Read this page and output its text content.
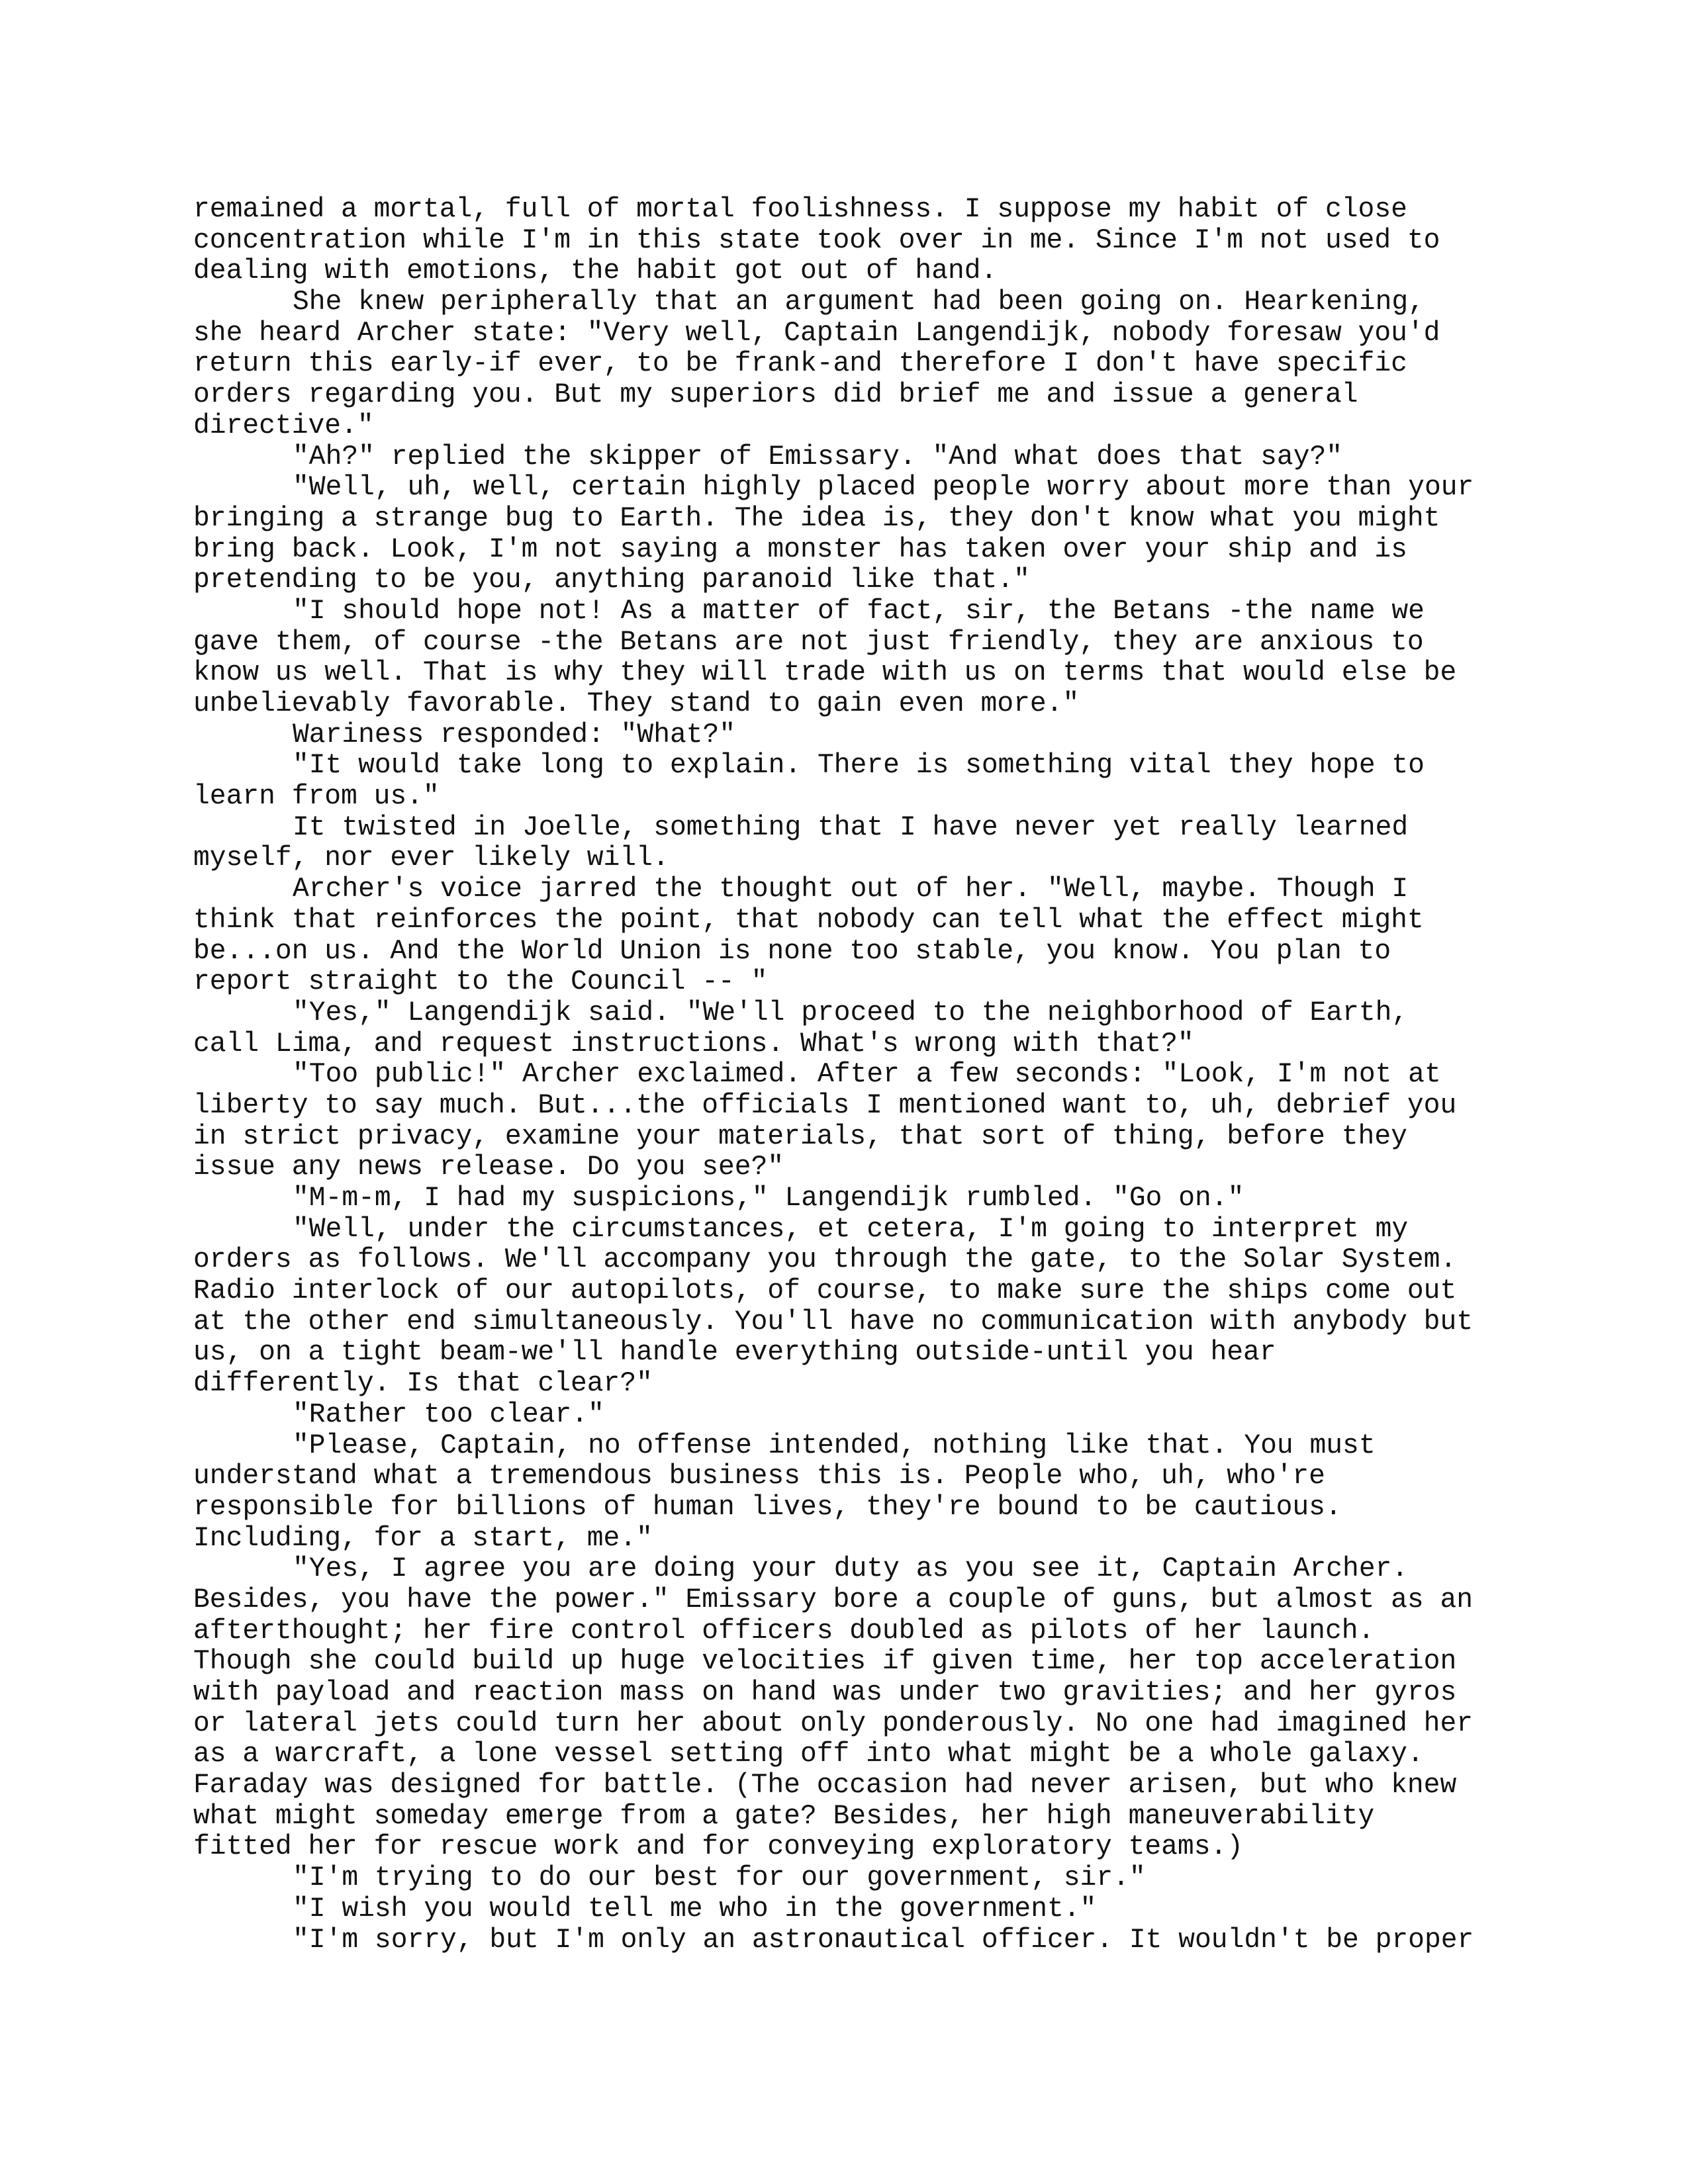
remained a mortal, full of mortal foolishness. I suppose my habit of close
concentration while I'm in this state took over in me. Since I'm not used to
dealing with emotions, the habit got out of hand.
She knew peripherally that an argument had been going on. Hearkening,
she heard Archer state: "Very well, Captain Langendijk, nobody foresaw you'd
return this early-if ever, to be frank-and therefore I don't have specific
orders regarding you. But my superiors did brief me and issue a general
directive."
"Ah?" replied the skipper of Emissary. "And what does that say?"
"Well, uh, well, certain highly placed people worry about more than your
bringing a strange bug to Earth. The idea is, they don't know what you might
bring back. Look, I'm not saying a monster has taken over your ship and is
pretending to be you, anything paranoid like that."
"I should hope not! As a matter of fact, sir, the Betans -the name we
gave them, of course -the Betans are not just friendly, they are anxious to
know us well. That is why they will trade with us on terms that would else be
unbelievably favorable. They stand to gain even more."
Wariness responded: "What?"
"It would take long to explain. There is something vital they hope to
learn from us."
It twisted in Joelle, something that I have never yet really learned
myself, nor ever likely will.
Archer's voice jarred the thought out of her. "Well, maybe. Though I
think that reinforces the point, that nobody can tell what the effect might
be...on us. And the World Union is none too stable, you know. You plan to
report straight to the Council -- "
"Yes," Langendijk said. "We'll proceed to the neighborhood of Earth,
call Lima, and request instructions. What's wrong with that?"
"Too public!" Archer exclaimed. After a few seconds: "Look, I'm not at
liberty to say much. But...the officials I mentioned want to, uh, debrief you
in strict privacy, examine your materials, that sort of thing, before they
issue any news release. Do you see?"
"M-m-m, I had my suspicions," Langendijk rumbled. "Go on."
"Well, under the circumstances, et cetera, I'm going to interpret my
orders as follows. We'll accompany you through the gate, to the Solar System.
Radio interlock of our autopilots, of course, to make sure the ships come out
at the other end simultaneously. You'll have no communication with anybody but
us, on a tight beam-we'll handle everything outside-until you hear
differently. Is that clear?"
"Rather too clear."
"Please, Captain, no offense intended, nothing like that. You must
understand what a tremendous business this is. People who, uh, who're
responsible for billions of human lives, they're bound to be cautious.
Including, for a start, me."
"Yes, I agree you are doing your duty as you see it, Captain Archer.
Besides, you have the power." Emissary bore a couple of guns, but almost as an
afterthought; her fire control officers doubled as pilots of her launch.
Though she could build up huge velocities if given time, her top acceleration
with payload and reaction mass on hand was under two gravities; and her gyros
or lateral jets could turn her about only ponderously. No one had imagined her
as a warcraft, a lone vessel setting off into what might be a whole galaxy.
Faraday was designed for battle. (The occasion had never arisen, but who knew
what might someday emerge from a gate? Besides, her high maneuverability
fitted her for rescue work and for conveying exploratory teams.)
"I'm trying to do our best for our government, sir."
"I wish you would tell me who in the government."
"I'm sorry, but I'm only an astronautical officer. It wouldn't be proper
